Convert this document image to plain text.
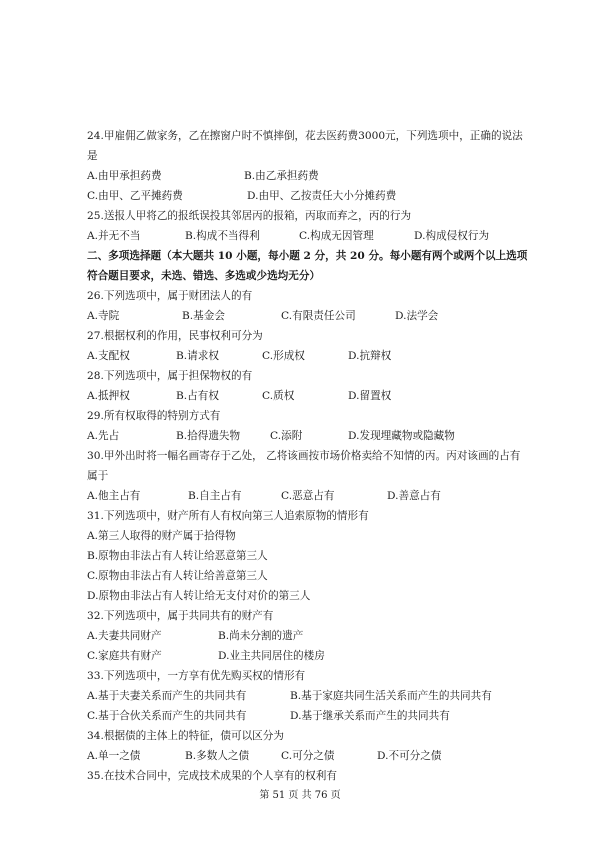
24.甲雇佣乙做家务，乙在擦窗户时不慎摔倒，花去医药费3000元，下列选项中，正确的说法
是
A.由甲承担药费	B.由乙承担药费
C.由甲、乙平摊药费	D.由甲、乙按责任大小分摊药费
25.送报人甲将乙的报纸误投其邻居丙的报箱，丙取而弃之，丙的行为
A.并无不当	B.构成不当得利	C.构成无因管理	D.构成侵权行为
二、多项选择题（本大题共 10 小题，每小题 2 分，共 20 分。每小题有两个或两个以上选项
符合题目要求，未选、错选、多选或少选均无分）
26.下列选项中，属于财团法人的有
A.寺院	B.基金会	C.有限责任公司	D.法学会
27.根据权利的作用，民事权利可分为
A.支配权	B.请求权	C.形成权	D.抗辩权
28.下列选项中，属于担保物权的有
A.抵押权	B.占有权	C.质权	D.留置权
29.所有权取得的特别方式有
A.先占	B.拾得遗失物	C.添附	D.发现埋藏物或隐藏物
30.甲外出时将一幅名画寄存于乙处， 乙将该画按市场价格卖给不知情的丙。丙对该画的占有
属于
A.他主占有	B.自主占有	C.恶意占有	D.善意占有
31.下列选项中，财产所有人有权向第三人追索原物的情形有
A.第三人取得的财产属于拾得物
B.原物由非法占有人转让给恶意第三人
C.原物由非法占有人转让给善意第三人
D.原物由非法占有人转让给无支付对价的第三人
32.下列选项中，属于共同共有的财产有
A.夫妻共同财产	B.尚未分割的遗产
C.家庭共有财产	D.业主共同居住的楼房
33.下列选项中，一方享有优先购买权的情形有
A.基于夫妻关系而产生的共同共有	B.基于家庭共同生活关系而产生的共同共有
C.基于合伙关系而产生的共同共有	D.基于继承关系而产生的共同共有
34.根据债的主体上的特征，债可以区分为
A.单一之债	B.多数人之债	C.可分之债	D.不可分之债
35.在技术合同中，完成技术成果的个人享有的权利有
第 51 页 共 76 页
